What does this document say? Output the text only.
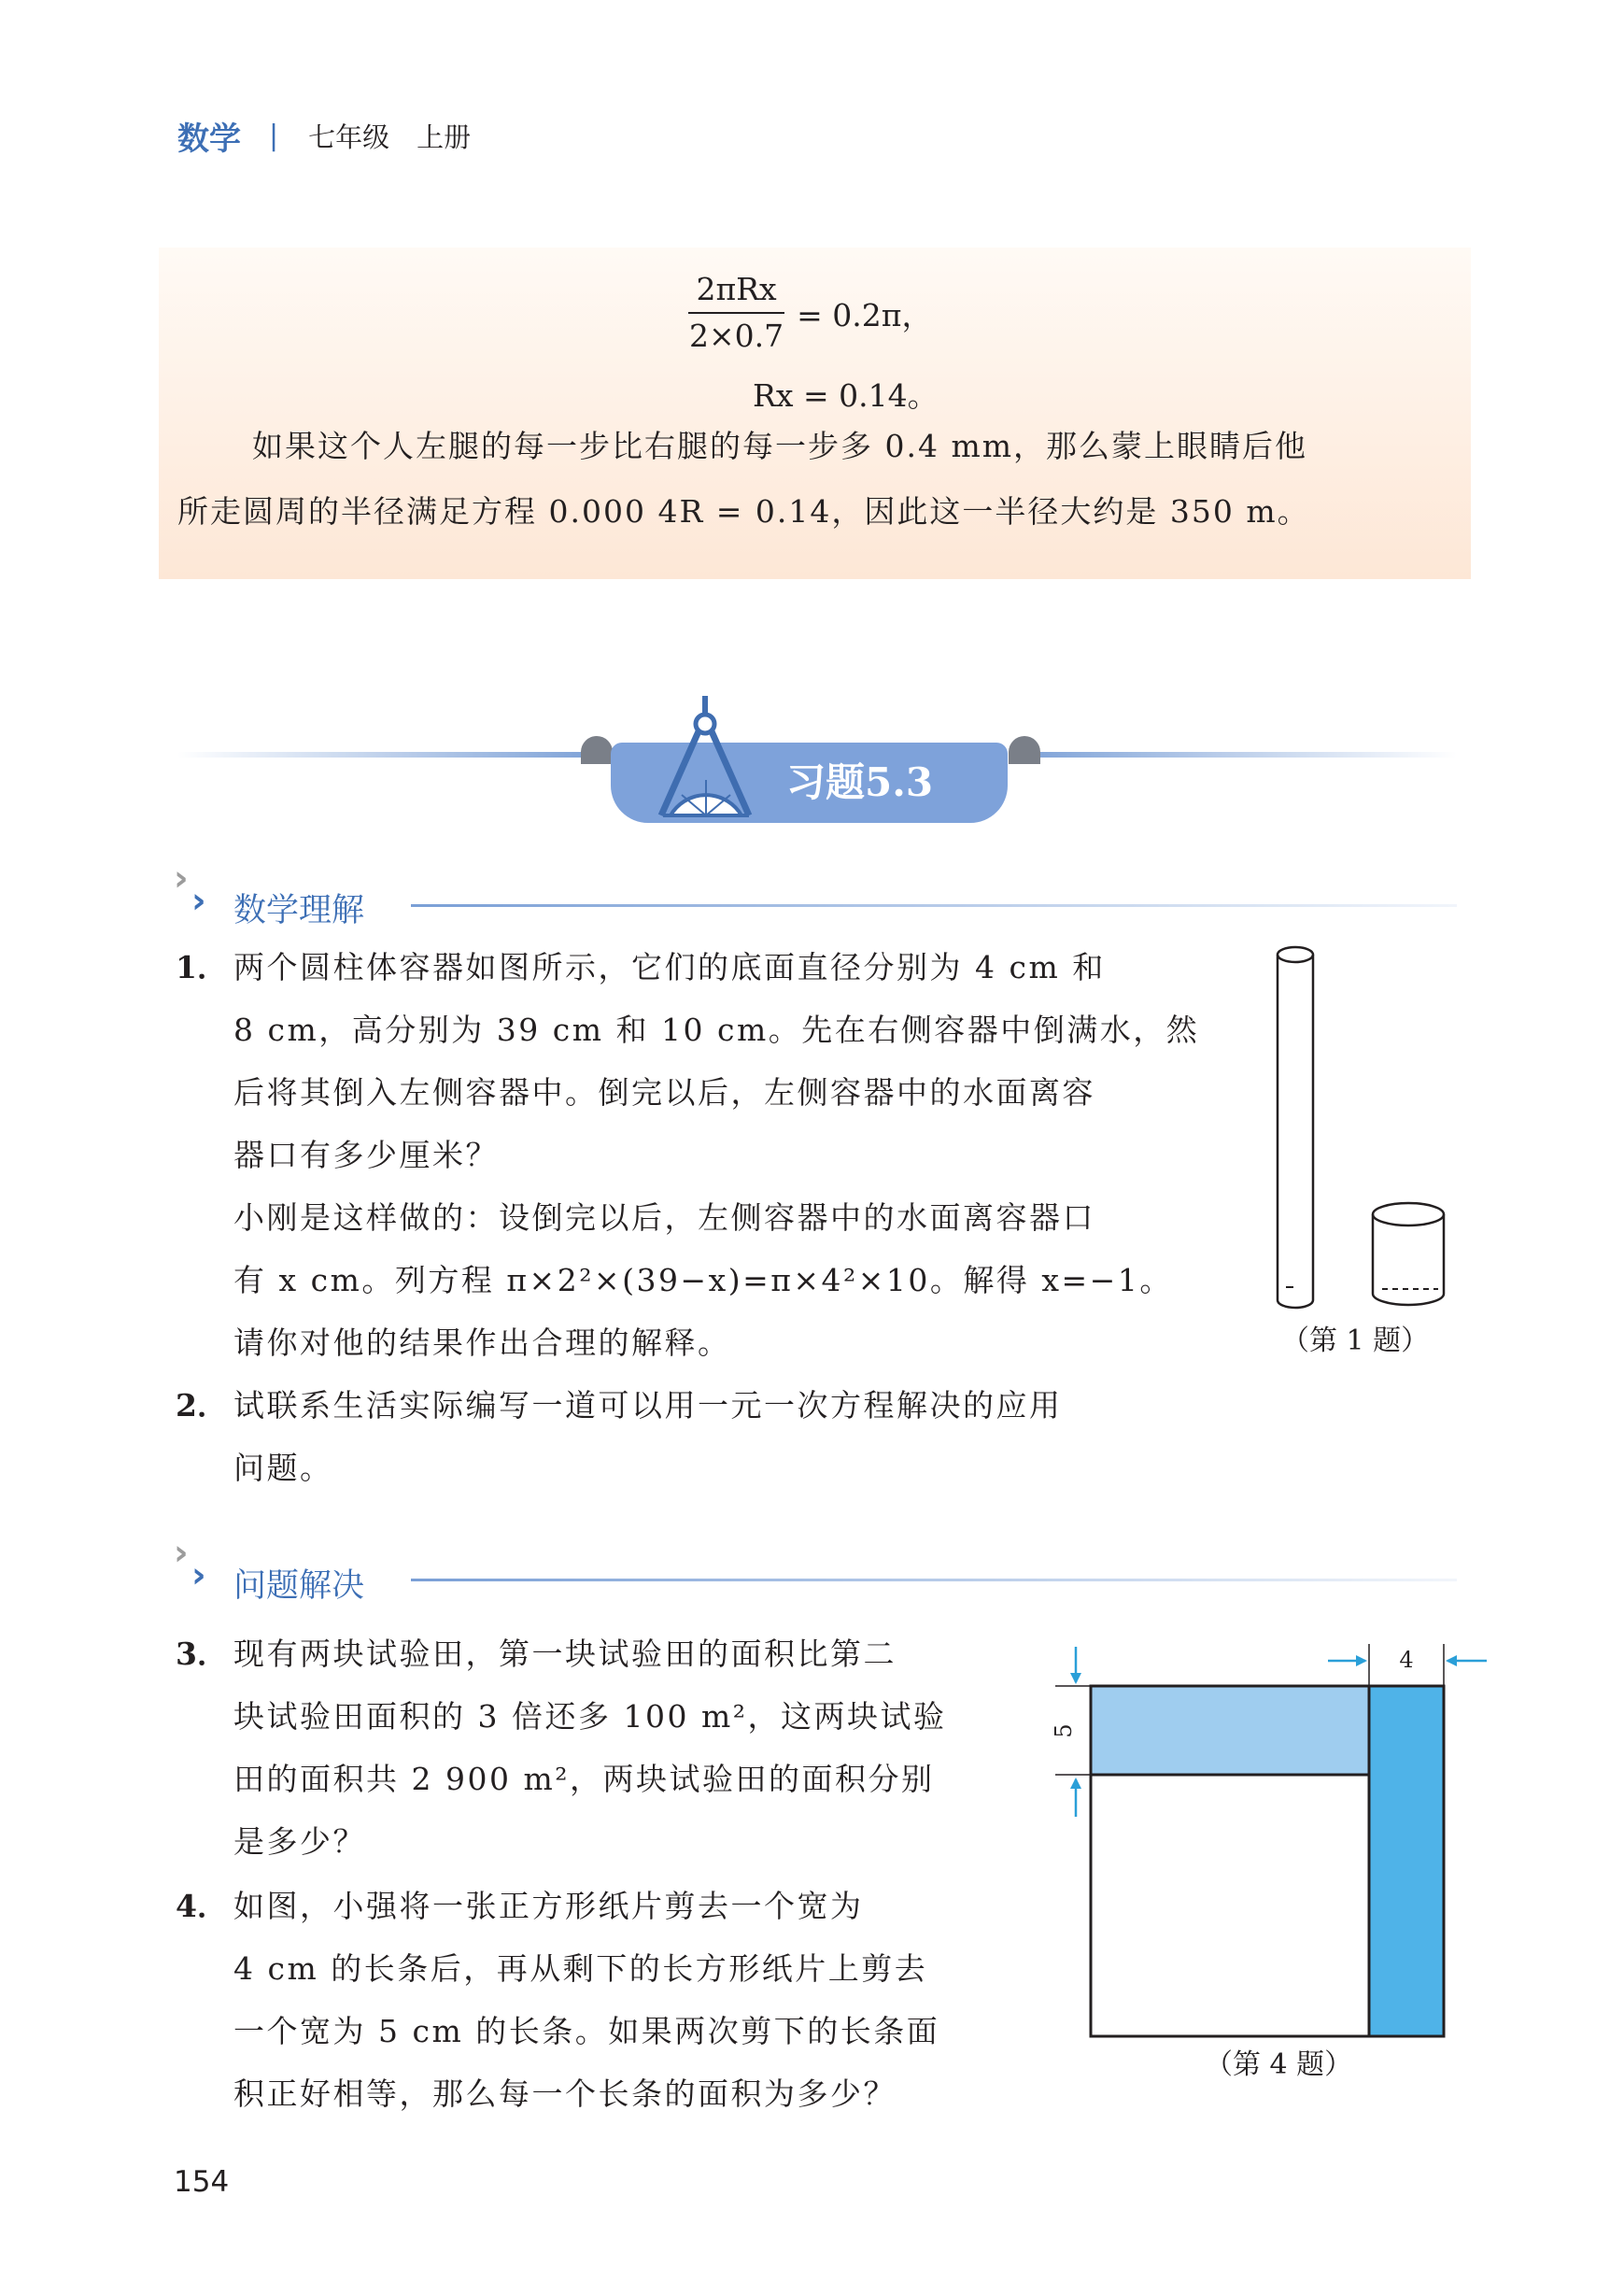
数学 | 七年级　上册
$\frac{\text{2πRx}}{2\times 0.7} = 0.2\pi$，
Rx = 0.14。
如果这个人左腿的每一步比右腿的每一步多 0.4 mm，那么蒙上眼睛后他
所走圆周的半径满足方程 0.000 4R = 0.14，因此这一半径大约是 350 m。
习题5.3
›
› 数学理解
1． 两个圆柱体容器如图所示，它们的底面直径分别为 4 cm 和
8 cm，高分别为 39 cm 和 10 cm。先在右侧容器中倒满水，然
后将其倒入左侧容器中。倒完以后，左侧容器中的水面离容
器口有多少厘米？
小刚是这样做的：设倒完以后，左侧容器中的水面离容器口
有 x cm。列方程 π×2²×(39−x)=π×4²×10。解得 x=−1。
请你对他的结果作出合理的解释。	（第 1 题）
2． 试联系生活实际编写一道可以用一元一次方程解决的应用
问题。
›
› 问题解决
3． 现有两块试验田，第一块试验田的面积比第二
块试验田面积的 3 倍还多 100 m²，这两块试验
田的面积共 2 900 m²，两块试验田的面积分别
是多少？
4． 如图，小强将一张正方形纸片剪去一个宽为
4 cm 的长条后，再从剩下的长方形纸片上剪去
一个宽为 5 cm 的长条。如果两次剪下的长条面
积正好相等，那么每一个长条的面积为多少？
4
5
（第 4 题）
154
